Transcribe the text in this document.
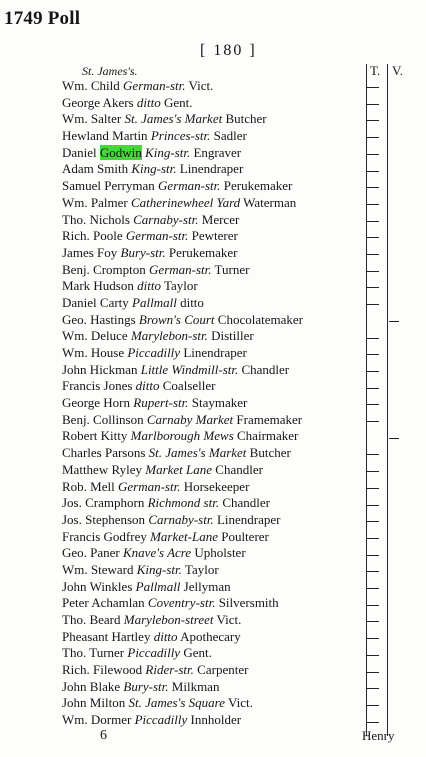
1749 Poll
[ 180 ]
T. V.
St. James's.
Wm. Child German-str. Vict.
George Akers ditto Gent.
Wm. Salter St. James's Market Butcher
Hewland Martin Princes-str. Sadler
Daniel Godwin King-str. Engraver
Adam Smith King-str. Linendraper
Samuel Perryman German-str. Perukemaker
Wm. Palmer Catherinewheel Yard Waterman
Tho. Nichols Carnaby-str. Mercer
Rich. Poole German-str. Pewterer
James Foy Bury-str. Perukemaker
Benj. Crompton German-str. Turner
Mark Hudson ditto Taylor
Daniel Carty Pallmall ditto
Geo. Hastings Brown's Court Chocolatemaker
Wm. Deluce Marylebon-str. Distiller
Wm. House Piccadilly Linendraper
John Hickman Little Windmill-str. Chandler
Francis Jones ditto Coalseller
George Horn Rupert-str. Staymaker
Benj. Collinson Carnaby Market Framemaker
Robert Kitty Marlborough Mews Chairmaker
Charles Parsons St. James's Market Butcher
Matthew Ryley Market Lane Chandler
Rob. Mell German-str. Horsekeeper
Jos. Cramphorn Richmond str. Chandler
Jos. Stephenson Carnaby-str. Linendraper
Francis Godfrey Market-Lane Poulterer
Geo. Paner Knave's Acre Upholster
Wm. Steward King-str. Taylor
John Winkles Pallmall Jellyman
Peter Achamlan Coventry-str. Silversmith
Tho. Beard Marylebon-street Vict.
Pheasant Hartley ditto Apothecary
Tho. Turner Piccadilly Gent.
Rich. Filewood Rider-str. Carpenter
John Blake Bury-str. Milkman
John Milton St. James's Square Vict.
Wm. Dormer Piccadilly Innholder
6	Henry
